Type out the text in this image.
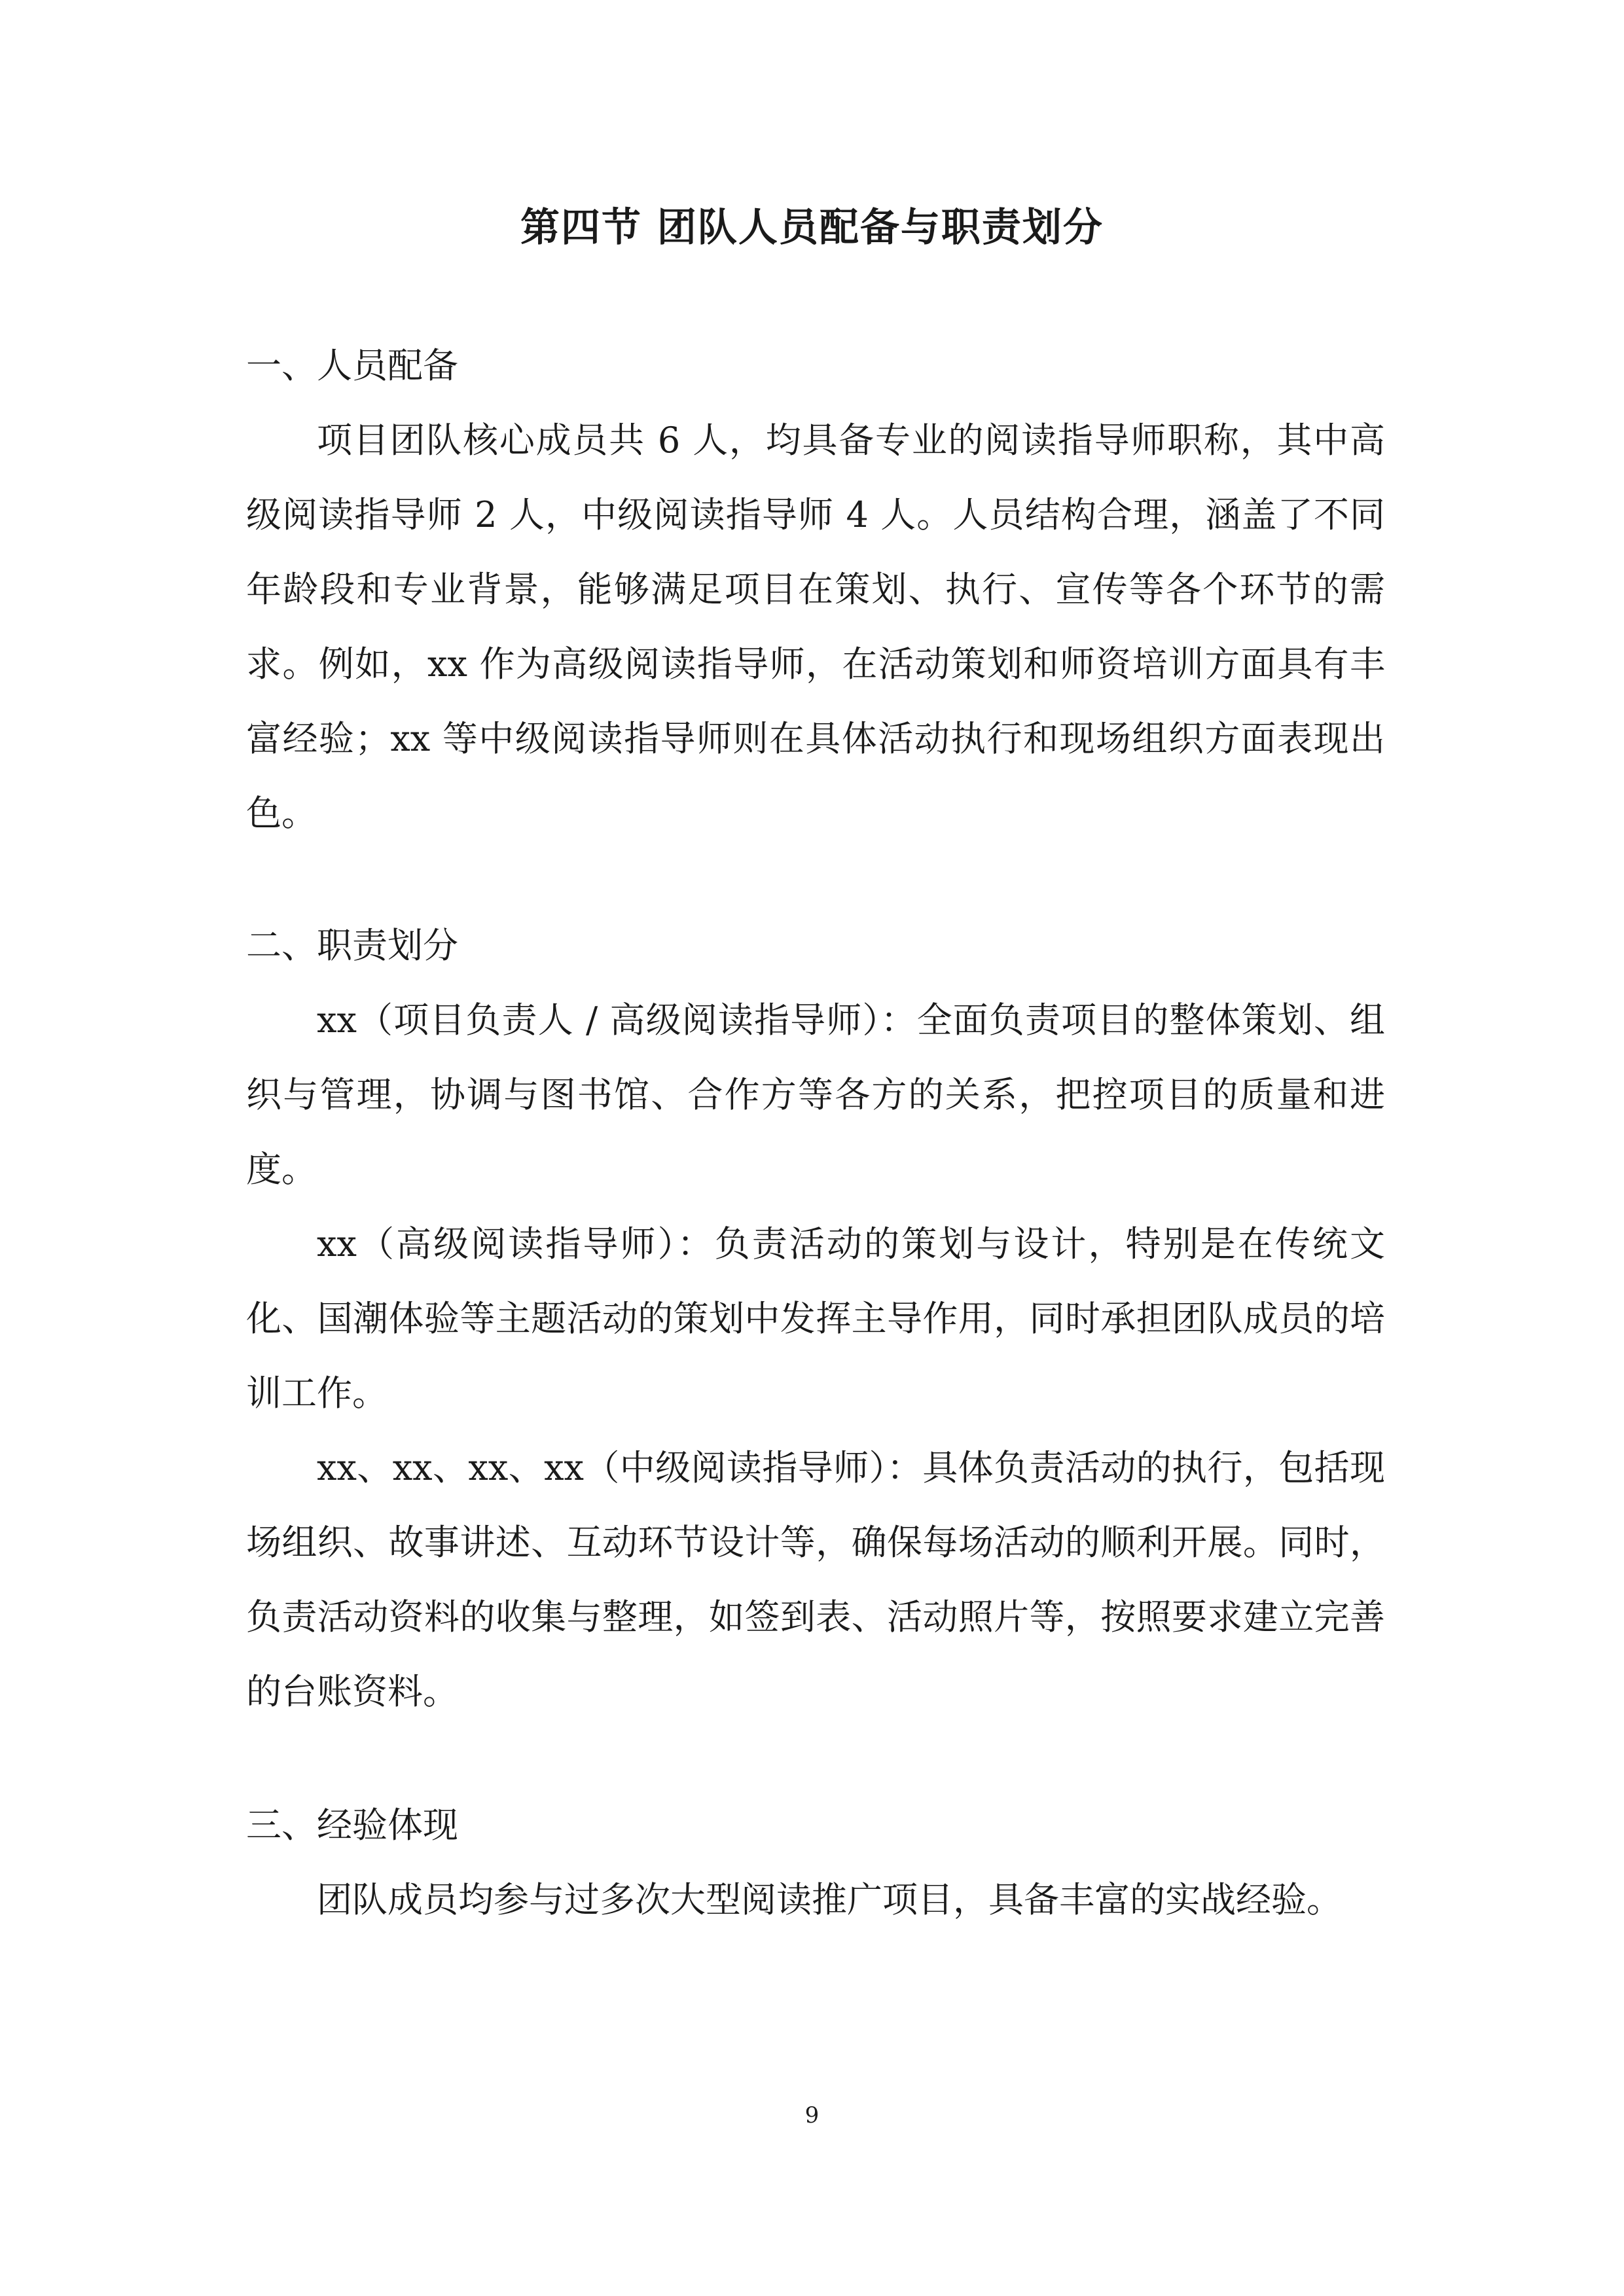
第四节 团队人员配备与职责划分
一、人员配备

项目团队核心成员共 6 人，均具备专业的阅读指导师职称，其中高级阅读指导师 2 人，中级阅读指导师 4 人。人员结构合理，涵盖了不同年龄段和专业背景，能够满足项目在策划、执行、宣传等各个环节的需求。例如，xx 作为高级阅读指导师，在活动策划和师资培训方面具有丰富经验；xx 等中级阅读指导师则在具体活动执行和现场组织方面表现出色。

二、职责划分

xx（项目负责人 / 高级阅读指导师）：全面负责项目的整体策划、组织与管理，协调与图书馆、合作方等各方的关系，把控项目的质量和进度。

xx（高级阅读指导师）：负责活动的策划与设计，特别是在传统文化、国潮体验等主题活动的策划中发挥主导作用，同时承担团队成员的培训工作。

xx、xx、xx、xx（中级阅读指导师）：具体负责活动的执行，包括现场组织、故事讲述、互动环节设计等，确保每场活动的顺利开展。同时，负责活动资料的收集与整理，如签到表、活动照片等，按照要求建立完善的台账资料。

三、经验体现

团队成员均参与过多次大型阅读推广项目，具备丰富的实战经验。

9
